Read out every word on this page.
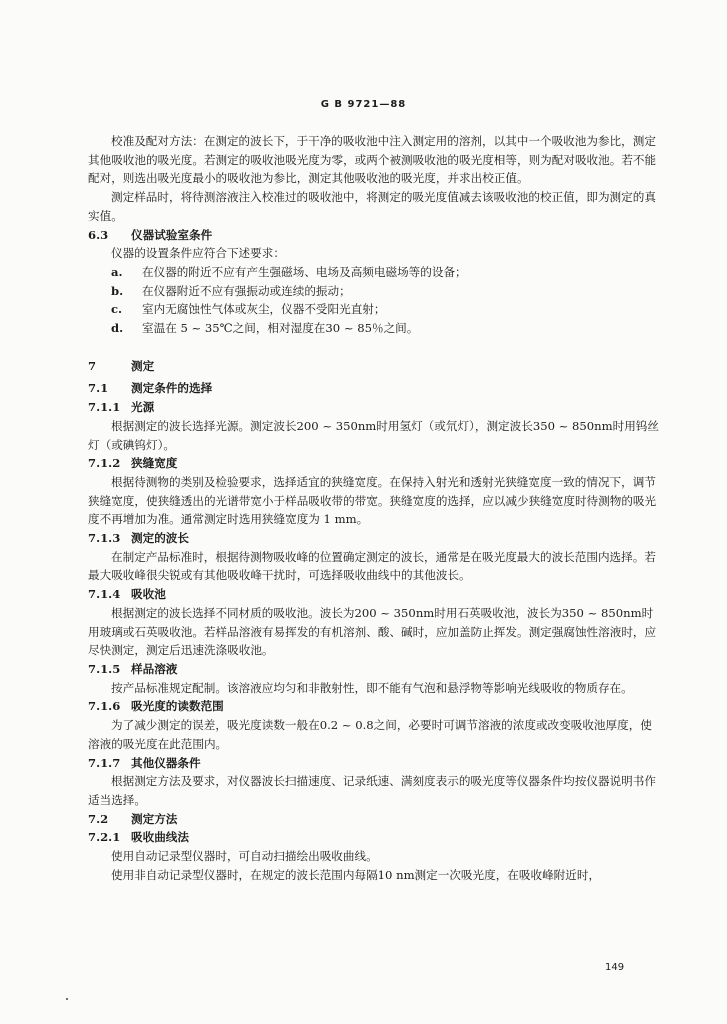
G B 9721—88

校准及配对方法：在测定的波长下，于干净的吸收池中注入测定用的溶剂，以其中一个吸收池为参比，测定其他吸收池的吸光度。若测定的吸收池吸光度为零，或两个被测吸收池的吸光度相等，则为配对吸收池。若不能配对，则选出吸光度最小的吸收池为参比，测定其他吸收池的吸光度，并求出校正值。

测定样品时，将待测溶液注入校准过的吸收池中，将测定的吸光度值减去该吸收池的校正值，即为测定的真实值。

6.3	仪器试验室条件

仪器的设置条件应符合下述要求：

a.	在仪器的附近不应有产生强磁场、电场及高频电磁场等的设备；
b.	在仪器附近不应有强振动或连续的振动；
c.	室内无腐蚀性气体或灰尘，仪器不受阳光直射；
d.	室温在 5 ~ 35℃之间，相对湿度在30 ~ 85％之间。
7	测定
7.1	测定条件的选择
7.1.1 光源

根据测定的波长选择光源。测定波长200 ~ 350nm时用氢灯（或氘灯），测定波长350 ~ 850nm时用钨丝灯（或碘钨灯）。

7.1.2 狭缝宽度

根据待测物的类别及检验要求，选择适宜的狭缝宽度。在保持入射光和透射光狭缝宽度一致的情况下，调节狭缝宽度，使狭缝透出的光谱带宽小于样品吸收带的带宽。狭缝宽度的选择，应以减少狭缝宽度时待测物的吸光度不再增加为准。通常测定时选用狭缝宽度为 1 mm。

7.1.3 测定的波长

在制定产品标准时，根据待测物吸收峰的位置确定测定的波长，通常是在吸光度最大的波长范围内选择。若最大吸收峰很尖锐或有其他吸收峰干扰时，可选择吸收曲线中的其他波长。

7.1.4 吸收池

根据测定的波长选择不同材质的吸收池。波长为200 ~ 350nm时用石英吸收池，波长为350 ~ 850nm时用玻璃或石英吸收池。若样品溶液有易挥发的有机溶剂、酸、碱时，应加盖防止挥发。测定强腐蚀性溶液时，应尽快测定，测定后迅速洗涤吸收池。

7.1.5 样品溶液

按产品标准规定配制。该溶液应均匀和非散射性，即不能有气泡和悬浮物等影响光线吸收的物质存在。

7.1.6 吸光度的读数范围

为了减少测定的误差，吸光度读数一般在0.2 ~ 0.8之间，必要时可调节溶液的浓度或改变吸收池厚度，使溶液的吸光度在此范围内。

7.1.7 其他仪器条件

根据测定方法及要求，对仪器波长扫描速度、记录纸速、满刻度表示的吸光度等仪器条件均按仪器说明书作适当选择。

7.2	测定方法
7.2.1 吸收曲线法

使用自动记录型仪器时，可自动扫描绘出吸收曲线。

使用非自动记录型仪器时，在规定的波长范围内每隔10 nm测定一次吸光度，在吸收峰附近时，

149
